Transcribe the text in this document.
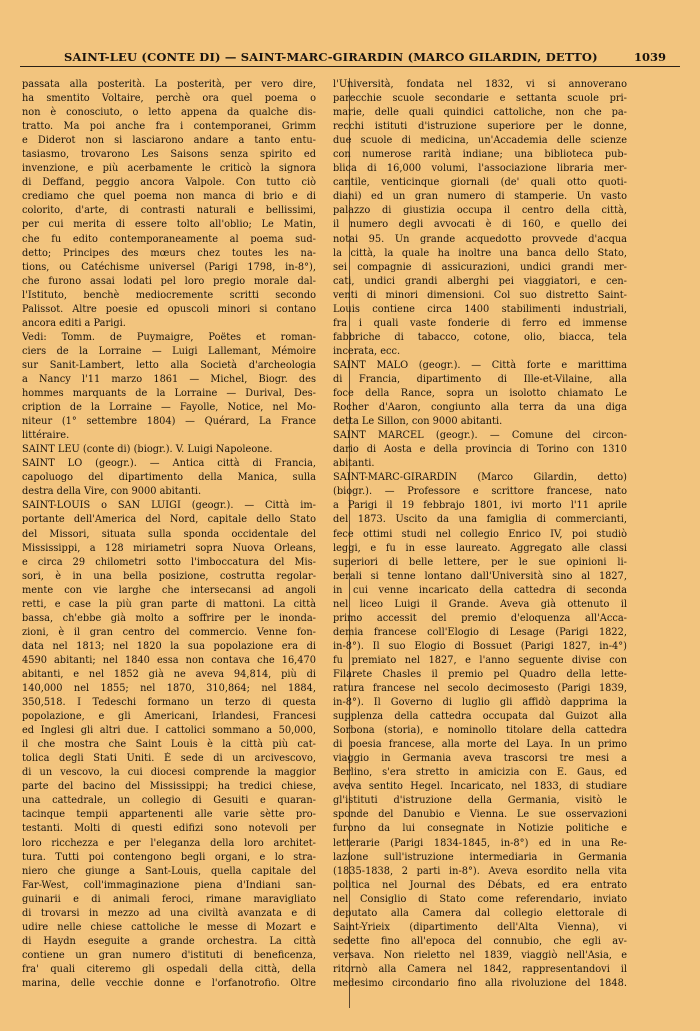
SAINT-LEU (CONTE DI) — SAINT-MARC-GIRARDIN (MARCO GILARDIN, DETTO)	1039
passata alla posterità. La posterità, per vero dire,
ha smentito Voltaire, perchè ora quel poema o
non è conosciuto, o letto appena da qualche dis-
tratto. Ma poi anche fra i contemporanei, Grimm
e Diderot non si lasciarono andare a tanto entu-
tasiasmo, trovarono Les Saisons senza spirito ed
invenzione, e più acerbamente le criticò la signora
di Deffand, peggio ancora Valpole. Con tutto ciò
crediamo che quel poema non manca di brio e di
colorito, d'arte, di contrasti naturali e bellissimi,
per cui merita di essere tolto all'oblio; Le Matin,
che fu edito contemporaneamente al poema sud-
detto; Principes des mœurs chez toutes les na-
tions, ou Catéchisme universel (Parigi 1798, in-8°),
che furono assai lodati pel loro pregio morale dal-
l'Istituto, benchè mediocremente scritti secondo
Palissot. Altre poesie ed opuscoli minori si contano
ancora editi a Parigi.
Vedi: Tomm. de Puymaigre, Poëtes et roman-
ciers de la Lorraine — Luigi Lallemant, Mémoire
sur Sanit-Lambert, letto alla Società d'archeologia
a Nancy l'11 marzo 1861 — Michel, Biogr. des
hommes marquants de la Lorraine — Durival, Des-
cription de la Lorraine — Fayolle, Notice, nel Mo-
niteur (1° settembre 1804) — Quérard, La France
littéraire.
SAINT LEU (conte di) (biogr.). V. Luigi Napoleone.
SAINT LO (geogr.). — Antica città di Francia,
capoluogo del dipartimento della Manica, sulla
destra della Vire, con 9000 abitanti.
SAINT-LOUIS o SAN LUIGI (geogr.). — Città im-
portante dell'America del Nord, capitale dello Stato
del Missori, situata sulla sponda occidentale del
Mississippi, a 128 miriametri sopra Nuova Orleans,
e circa 29 chilometri sotto l'imboccatura del Mis-
sori, è in una bella posizione, costrutta regolar-
mente con vie larghe che intersecansi ad angoli
retti, e case la più gran parte di mattoni. La città
bassa, ch'ebbe già molto a soffrire per le inonda-
zioni, è il gran centro del commercio. Venne fon-
data nel 1813; nel 1820 la sua popolazione era di
4590 abitanti; nel 1840 essa non contava che 16,470
abitanti, e nel 1852 già ne aveva 94,814, più di
140,000 nel 1855; nel 1870, 310,864; nel 1884,
350,518. I Tedeschi formano un terzo di questa
popolazione, e gli Americani, Irlandesi, Francesi
ed Inglesi gli altri due. I cattolici sommano a 50,000,
il che mostra che Saint Louis è la città più cat-
tolica degli Stati Uniti. È sede di un arcivescovo,
di un vescovo, la cui diocesi comprende la maggior
parte del bacino del Mississippi; ha tredici chiese,
una cattedrale, un collegio di Gesuiti e quaran-
tacinque tempii appartenenti alle varie sètte pro-
testanti. Molti di questi edifizi sono notevoli per
loro ricchezza e per l'eleganza della loro architet-
tura. Tutti poi contengono begli organi, e lo stra-
niero che giunge a Sant-Louis, quella capitale del
Far-West, coll'immaginazione piena d'Indiani san-
guinarii e di animali feroci, rimane maravigliato
di trovarsi in mezzo ad una civiltà avanzata e di
udire nelle chiese cattoliche le messe di Mozart e
di Haydn eseguite a grande orchestra. La città
contiene un gran numero d'istituti di beneficenza,
fra' quali citeremo gli ospedali della città, della
marina, delle vecchie donne e l'orfanotrofio. Oltre
l'Università, fondata nel 1832, vi si annoverano
parecchie scuole secondarie e settanta scuole pri-
marie, delle quali quindici cattoliche, non che pa-
recchi istituti d'istruzione superiore per le donne,
due scuole di medicina, un'Accademia delle scienze
con numerose rarità indiane; una biblioteca pub-
blica di 16,000 volumi, l'associazione libraria mer-
cantile, venticinque giornali (de' quali otto quoti-
diani) ed un gran numero di stamperie. Un vasto
palazzo di giustizia occupa il centro della città,
il numero degli avvocati è di 160, e quello dei
notai 95. Un grande acquedotto provvede d'acqua
la città, la quale ha inoltre una banca dello Stato,
sei compagnie di assicurazioni, undici grandi mer-
cati, undici grandi alberghi pei viaggiatori, e cen-
venti di minori dimensioni. Col suo distretto Saint-
Louis contiene circa 1400 stabilimenti industriali,
fra i quali vaste fonderie di ferro ed immense
fabbriche di tabacco, cotone, olio, biacca, tela
incerata, ecc.
SAINT MALO (geogr.). — Città forte e marittima
di Francia, dipartimento di Ille-et-Vilaine, alla
foce della Rance, sopra un isolotto chiamato Le
Rocher d'Aaron, congiunto alla terra da una diga
detta Le Sillon, con 9000 abitanti.
SAINT MARCEL (geogr.). — Comune del circon-
dario di Aosta e della provincia di Torino con 1310
abitanti.
SAINT-MARC-GIRARDIN (Marco Gilardin, detto)
(biogr.). — Professore e scrittore francese, nato
a Parigi il 19 febbrajo 1801, ivi morto l'11 aprile
del 1873. Uscito da una famiglia di commercianti,
fece ottimi studi nel collegio Enrico IV, poi studiò
leggi, e fu in esse laureato. Aggregato alle classi
superiori di belle lettere, per le sue opinioni li-
berali si tenne lontano dall'Università sino al 1827,
in cui venne incaricato della cattedra di seconda
nel liceo Luigi il Grande. Aveva già ottenuto il
primo accessit del premio d'eloquenza all'Acca-
demia francese coll'Elogio di Lesage (Parigi 1822,
in-8°). Il suo Elogio di Bossuet (Parigi 1827, in-4°)
fu premiato nel 1827, e l'anno seguente divise con
Filarete Chasles il premio pel Quadro della lette-
ratura francese nel secolo decimosesto (Parigi 1839,
in-8°). Il Governo di luglio gli affidò dapprima la
supplenza della cattedra occupata dal Guizot alla
Sorbona (storia), e nominollo titolare della cattedra
di poesia francese, alla morte del Laya. In un primo
viaggio in Germania aveva trascorsi tre mesi a
Berlino, s'era stretto in amicizia con E. Gaus, ed
aveva sentito Hegel. Incaricato, nel 1833, di studiare
gl'istituti d'istruzione della Germania, visitò le
sponde del Danubio e Vienna. Le sue osservazioni
furono da lui consegnate in Notizie politiche e
letterarie (Parigi 1834-1845, in-8°) ed in una Re-
lazione sull'istruzione intermediaria in Germania
(1835-1838, 2 parti in-8°). Aveva esordito nella vita
politica nel Journal des Débats, ed era entrato
nel Consiglio di Stato come referendario, inviato
deputato alla Camera dal collegio elettorale di
Saint-Yrieix (dipartimento dell'Alta Vienna), vi
sedette fino all'epoca del connubio, che egli av-
versava. Non rieletto nel 1839, viaggiò nell'Asia, e
ritornò alla Camera nel 1842, rappresentandovi il
medesimo circondario fino alla rivoluzione del 1848.
